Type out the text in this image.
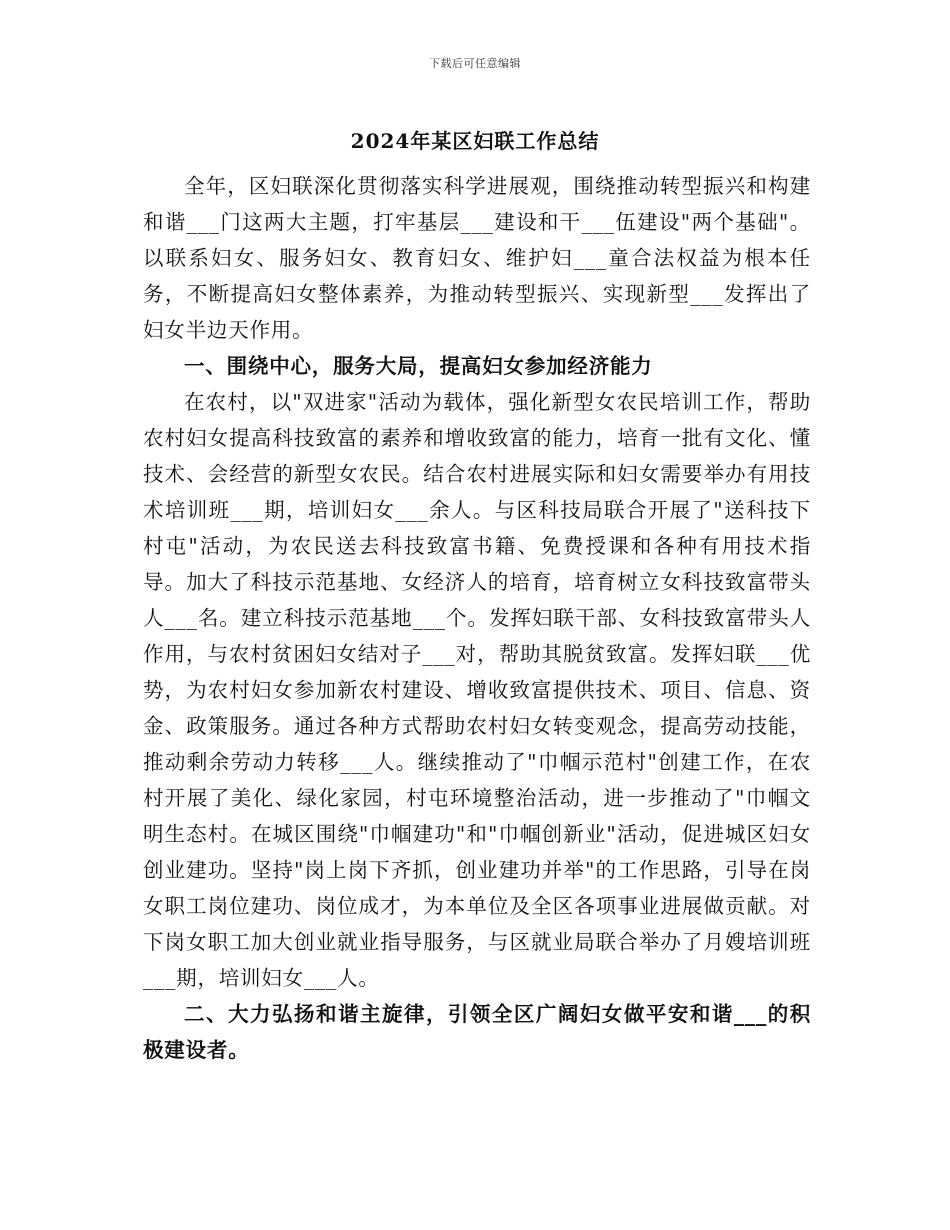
下载后可任意编辑
2024年某区妇联工作总结

全年，区妇联深化贯彻落实科学进展观，围绕推动转型振兴和构建和谐___门这两大主题，打牢基层___建设和干___伍建设"两个基础"。以联系妇女、服务妇女、教育妇女、维护妇___童合法权益为根本任务，不断提高妇女整体素养，为推动转型振兴、实现新型___发挥出了妇女半边天作用。

一、围绕中心，服务大局，提高妇女参加经济能力

在农村，以"双进家"活动为载体，强化新型女农民培训工作，帮助农村妇女提高科技致富的素养和增收致富的能力，培育一批有文化、懂技术、会经营的新型女农民。结合农村进展实际和妇女需要举办有用技术培训班___期，培训妇女___余人。与区科技局联合开展了"送科技下村屯"活动，为农民送去科技致富书籍、免费授课和各种有用技术指导。加大了科技示范基地、女经济人的培育，培育树立女科技致富带头人___名。建立科技示范基地___个。发挥妇联干部、女科技致富带头人作用，与农村贫困妇女结对子___对，帮助其脱贫致富。发挥妇联___优势，为农村妇女参加新农村建设、增收致富提供技术、项目、信息、资金、政策服务。通过各种方式帮助农村妇女转变观念，提高劳动技能，推动剩余劳动力转移___人。继续推动了"巾帼示范村"创建工作，在农村开展了美化、绿化家园，村屯环境整治活动，进一步推动了"巾帼文明生态村。在城区围绕"巾帼建功"和"巾帼创新业"活动，促进城区妇女创业建功。坚持"岗上岗下齐抓，创业建功并举"的工作思路，引导在岗女职工岗位建功、岗位成才，为本单位及全区各项事业进展做贡献。对下岗女职工加大创业就业指导服务，与区就业局联合举办了月嫂培训班___期，培训妇女___人。

二、大力弘扬和谐主旋律，引领全区广阔妇女做平安和谐___的积极建设者。
